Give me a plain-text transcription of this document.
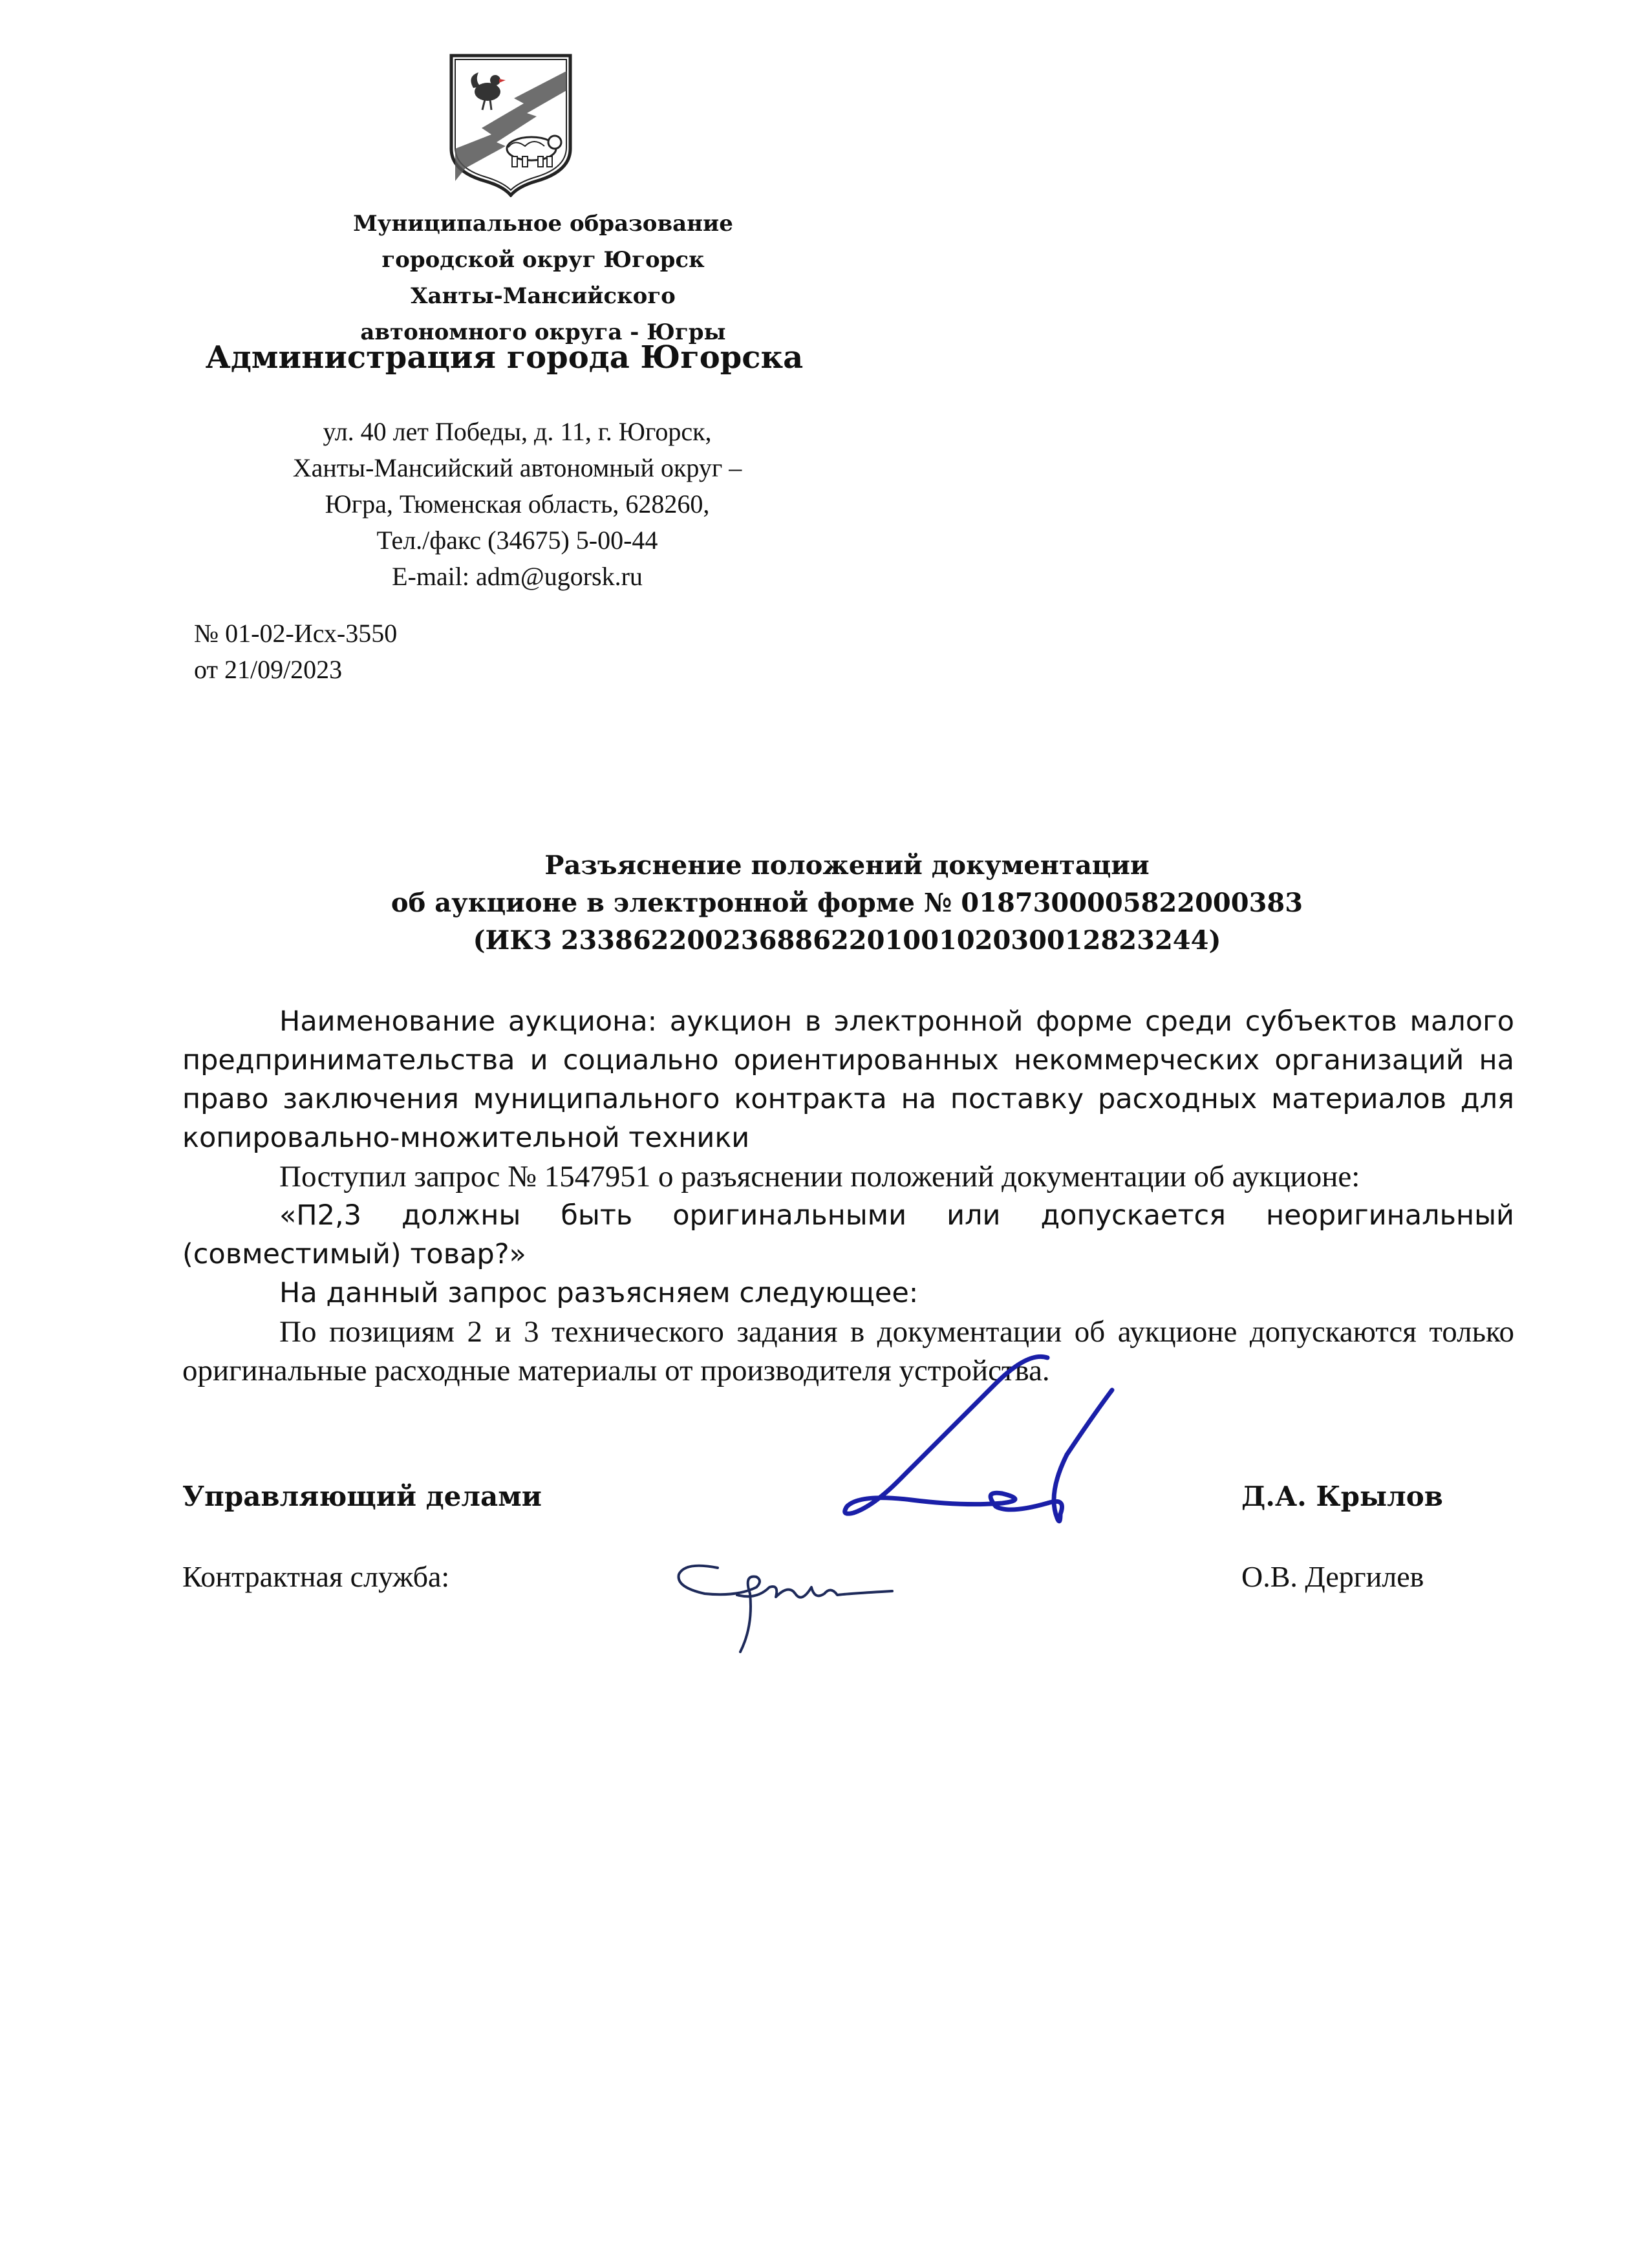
Муниципальное образование

городской округ Югорск

Ханты-Мансийского

автономного округа - Югры

Администрация города Югорска

ул. 40 лет Победы, д. 11, г. Югорск,

Ханты-Мансийский автономный округ –

Югра, Тюменская область, 628260,

Тел./факс (34675) 5-00-44

E-mail: adm@ugorsk.ru

№ 01-02-Исх-3550

от 21/09/2023

Разъяснение положений документации

об аукционе в электронной форме № 0187300005822000383

(ИКЗ 233862200236886220100102030012823244)

Наименование аукциона: аукцион в электронной форме среди субъектов малого предпринимательства и социально ориентированных некоммерческих организаций на право заключения муниципального контракта на поставку расходных материалов для копировально-множительной техники

Поступил запрос № 1547951 о разъяснении положений документации об аукционе:

«П2,3 должны быть оригинальными или допускается неоригинальный (совместимый) товар?»

На данный запрос разъясняем следующее:

По позициям 2 и 3 технического задания в документации об аукционе допускаются только оригинальные расходные материалы от производителя устройства.

Управляющий делами	Д.А. Крылов
Контрактная служба:	О.В. Дергилев
